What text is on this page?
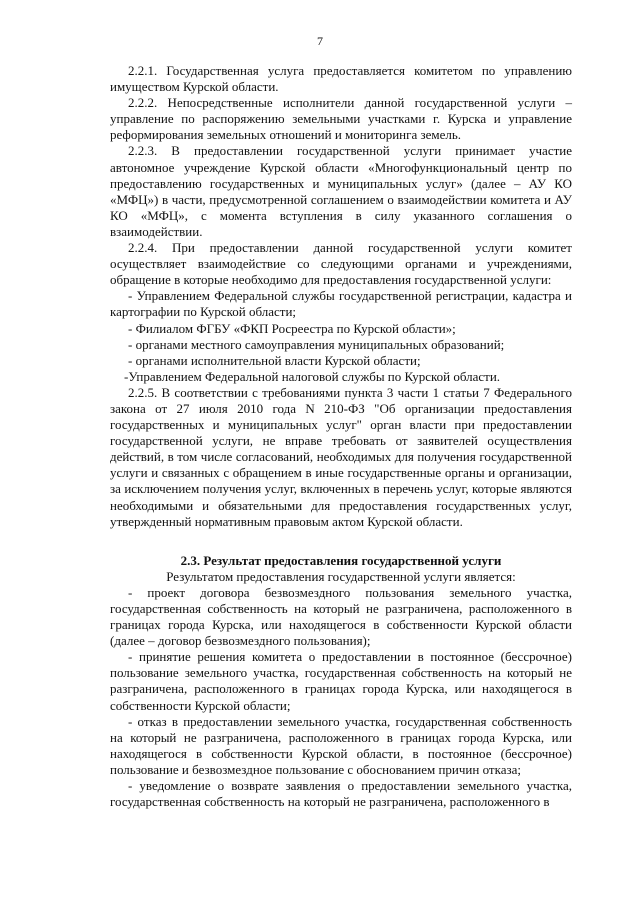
7

2.2.1. Государственная услуга предоставляется комитетом по управлению имуществом Курской области.

2.2.2. Непосредственные исполнители данной государственной услуги – управление по распоряжению земельными участками г. Курска и управление реформирования земельных отношений и мониторинга земель.

2.2.3. В предоставлении государственной услуги принимает участие автономное учреждение Курской области «Многофункциональный центр по предоставлению государственных и муниципальных услуг» (далее – АУ КО «МФЦ») в части, предусмотренной соглашением о взаимодействии комитета и АУ КО «МФЦ», с момента вступления в силу указанного соглашения о взаимодействии.

2.2.4. При предоставлении данной государственной услуги комитет осуществляет взаимодействие со следующими органами и учреждениями, обращение в которые необходимо для предоставления государственной услуги:

- Управлением Федеральной службы государственной регистрации, кадастра и картографии по Курской области;

- Филиалом ФГБУ «ФКП Росреестра по Курской области»;

- органами местного самоуправления муниципальных образований;

- органами исполнительной власти Курской области;

-Управлением Федеральной налоговой службы по Курской области.

2.2.5. В соответствии с требованиями пункта 3 части 1 статьи 7 Федерального закона от 27 июля 2010 года N 210-ФЗ "Об организации предоставления государственных и муниципальных услуг" орган власти при предоставлении государственной услуги, не вправе требовать от заявителей осуществления действий, в том числе согласований, необходимых для получения государственной услуги и связанных с обращением в иные государственные органы и организации, за исключением получения услуг, включенных в перечень услуг, которые являются необходимыми и обязательными для предоставления государственных услуг, утвержденный нормативным правовым актом Курской области.

2.3. Результат предоставления государственной услуги

Результатом предоставления государственной услуги является:

- проект договора безвозмездного пользования земельного участка, государственная собственность на который не разграничена, расположенного в границах города Курска, или находящегося в собственности Курской области (далее – договор безвозмездного пользования);

- принятие решения комитета о предоставлении в постоянное (бессрочное) пользование земельного участка, государственная собственность на который не разграничена, расположенного в границах города Курска, или находящегося в собственности Курской области;

- отказ в предоставлении земельного участка, государственная собственность на который не разграничена, расположенного в границах города Курска, или находящегося в собственности Курской области, в постоянное (бессрочное) пользование и безвозмездное пользование с обоснованием причин отказа;

- уведомление о возврате заявления о предоставлении земельного участка, государственная собственность на который не разграничена, расположенного в
